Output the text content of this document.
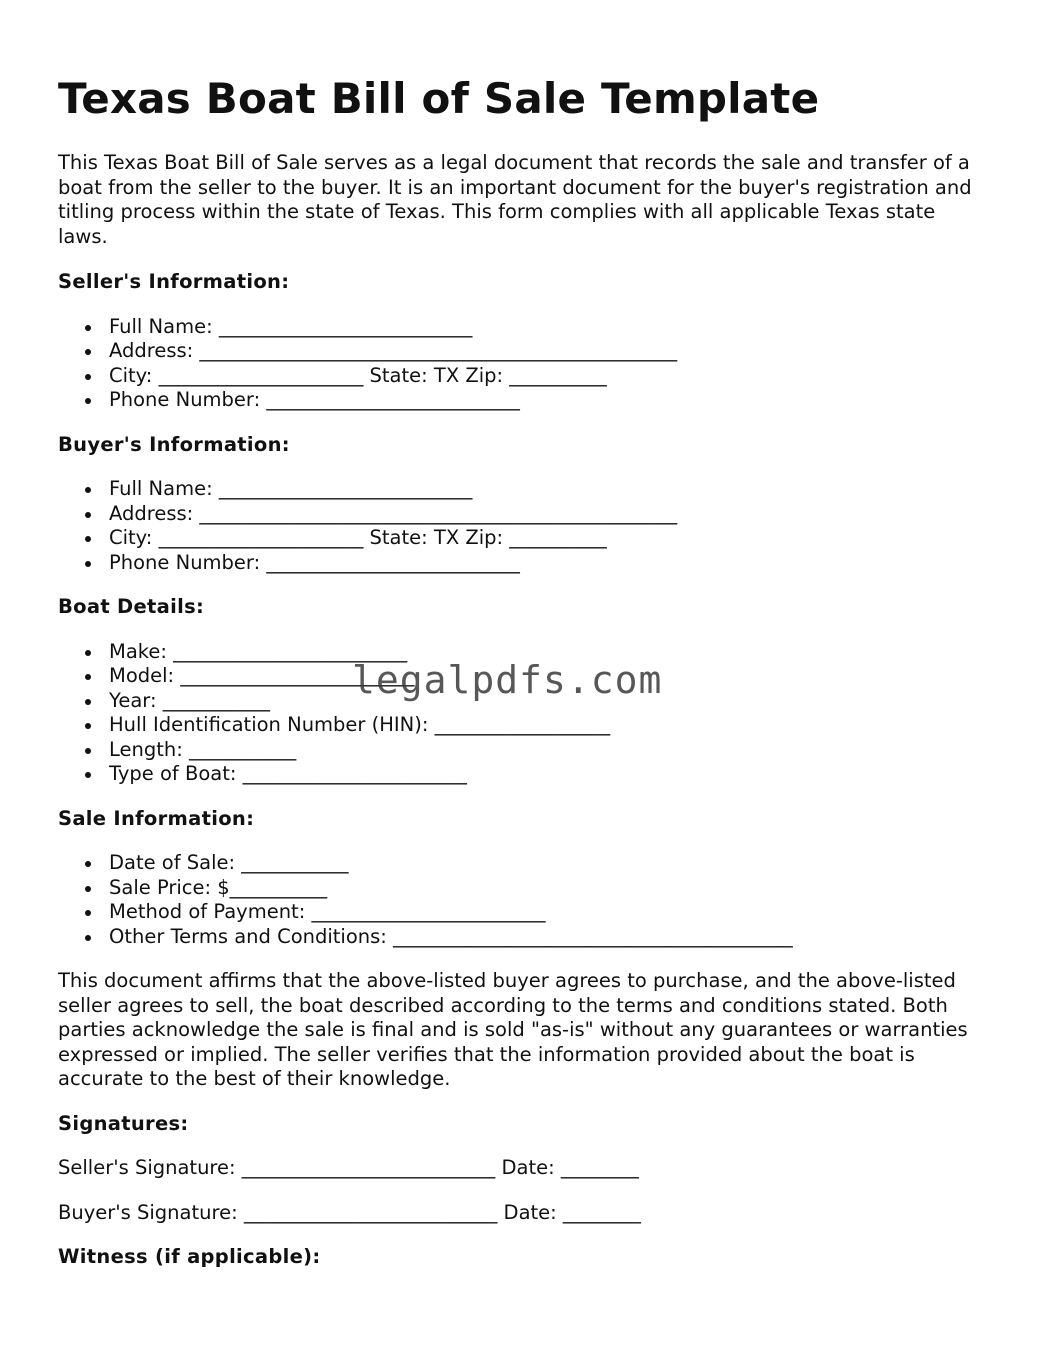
Texas Boat Bill of Sale Template

This Texas Boat Bill of Sale serves as a legal document that records the sale and transfer of a boat from the seller to the buyer. It is an important document for the buyer's registration and titling process within the state of Texas. This form complies with all applicable Texas state laws.

Seller's Information:
Full Name: __________________________
Address: _________________________________________________
City: _____________________ State: TX Zip: __________
Phone Number: __________________________
Buyer's Information:
Full Name: __________________________
Address: _________________________________________________
City: _____________________ State: TX Zip: __________
Phone Number: __________________________
Boat Details:
Make: ________________________
Model: ________________________
Year: ___________
Hull Identification Number (HIN): __________________
Length: ___________
Type of Boat: _______________________
Sale Information:
Date of Sale: ___________
Sale Price: $__________
Method of Payment: ________________________
Other Terms and Conditions: _________________________________________

This document affirms that the above-listed buyer agrees to purchase, and the above-listed seller agrees to sell, the boat described according to the terms and conditions stated. Both parties acknowledge the sale is final and is sold "as-is" without any guarantees or warranties expressed or implied. The seller verifies that the information provided about the boat is accurate to the best of their knowledge.

Signatures:

Seller's Signature: __________________________ Date: ________

Buyer's Signature: __________________________ Date: ________

Witness (if applicable):
legalpdfs.com
